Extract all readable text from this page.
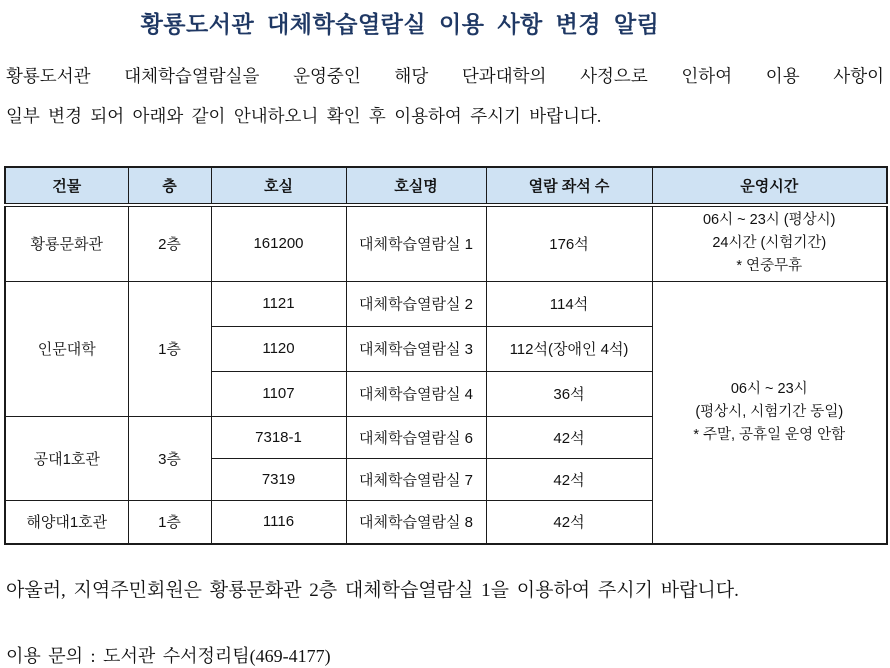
황룡도서관 대체학습열람실 이용 사항 변경 알림
황룡도서관 대체학습열람실을 운영중인 해당 단과대학의 사정으로 인하여 이용 사항이
일부 변경 되어 아래와 같이 안내하오니 확인 후 이용하여 주시기 바랍니다.
건물	층	호실	호실명	열람 좌석 수	운영시간
황룡문화관	2층	161200	대체학습열람실 1	176석	06시 ~ 23시 (평상시)
24시간 (시험기간)
* 연중무휴

인문대학	1층	1121	대체학습열람실 2	114석	06시 ~ 23시
(평상시, 시험기간 동일)
* 주말, 공휴일 운영 안함

		1120	대체학습열람실 3	112석(장애인 4석)	
		1107	대체학습열람실 4	36석	
공대1호관	3층	7318-1	대체학습열람실 6	42석	
		7319	대체학습열람실 7	42석	
해양대1호관	1층	1116	대체학습열람실 8	42석	
아울러, 지역주민회원은 황룡문화관 2층 대체학습열람실 1을 이용하여 주시기 바랍니다.
이용 문의 : 도서관 수서정리팀(469-4177)
